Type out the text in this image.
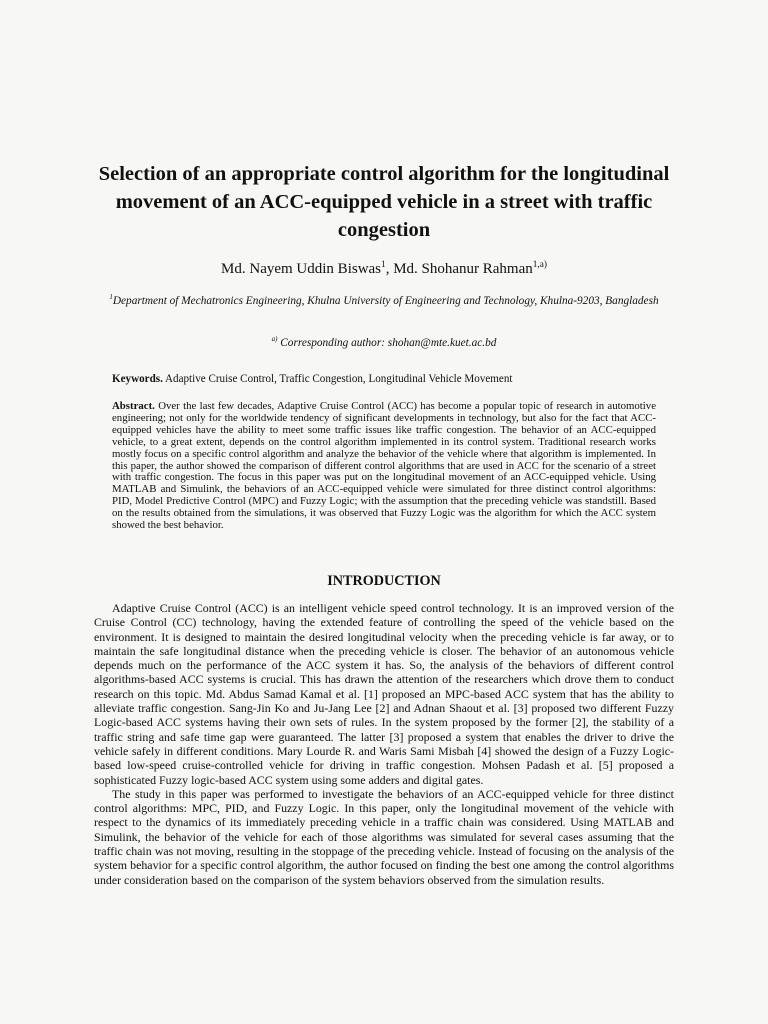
Selection of an appropriate control algorithm for the longitudinal movement of an ACC-equipped vehicle in a street with traffic congestion
Md. Nayem Uddin Biswas$^1$, Md. Shohanur Rahman$^{1,a)}$
$^1$Department of Mechatronics Engineering, Khulna University of Engineering and Technology, Khulna-9203, Bangladesh
$^{a)}$ Corresponding author: shohan@mte.kuet.ac.bd
Keywords. Adaptive Cruise Control, Traffic Congestion, Longitudinal Vehicle Movement
Abstract. Over the last few decades, Adaptive Cruise Control (ACC) has become a popular topic of research in automotive engineering; not only for the worldwide tendency of significant developments in technology, but also for the fact that ACC-equipped vehicles have the ability to meet some traffic issues like traffic congestion. The behavior of an ACC-equipped vehicle, to a great extent, depends on the control algorithm implemented in its control system. Traditional research works mostly focus on a specific control algorithm and analyze the behavior of the vehicle where that algorithm is implemented. In this paper, the author showed the comparison of different control algorithms that are used in ACC for the scenario of a street with traffic congestion. The focus in this paper was put on the longitudinal movement of an ACC-equipped vehicle. Using MATLAB and Simulink, the behaviors of an ACC-equipped vehicle were simulated for three distinct control algorithms: PID, Model Predictive Control (MPC) and Fuzzy Logic; with the assumption that the preceding vehicle was standstill. Based on the results obtained from the simulations, it was observed that Fuzzy Logic was the algorithm for which the ACC system showed the best behavior.
INTRODUCTION

Adaptive Cruise Control (ACC) is an intelligent vehicle speed control technology. It is an improved version of the Cruise Control (CC) technology, having the extended feature of controlling the speed of the vehicle based on the environment. It is designed to maintain the desired longitudinal velocity when the preceding vehicle is far away, or to maintain the safe longitudinal distance when the preceding vehicle is closer. The behavior of an autonomous vehicle depends much on the performance of the ACC system it has. So, the analysis of the behaviors of different control algorithms-based ACC systems is crucial. This has drawn the attention of the researchers which drove them to conduct research on this topic. Md. Abdus Samad Kamal et al. [1] proposed an MPC-based ACC system that has the ability to alleviate traffic congestion. Sang-Jin Ko and Ju-Jang Lee [2] and Adnan Shaout et al. [3] proposed two different Fuzzy Logic-based ACC systems having their own sets of rules. In the system proposed by the former [2], the stability of a traffic string and safe time gap were guaranteed. The latter [3] proposed a system that enables the driver to drive the vehicle safely in different conditions. Mary Lourde R. and Waris Sami Misbah [4] showed the design of a Fuzzy Logic-based low-speed cruise-controlled vehicle for driving in traffic congestion. Mohsen Padash et al. [5] proposed a sophisticated Fuzzy logic-based ACC system using some adders and digital gates.

The study in this paper was performed to investigate the behaviors of an ACC-equipped vehicle for three distinct control algorithms: MPC, PID, and Fuzzy Logic. In this paper, only the longitudinal movement of the vehicle with respect to the dynamics of its immediately preceding vehicle in a traffic chain was considered. Using MATLAB and Simulink, the behavior of the vehicle for each of those algorithms was simulated for several cases assuming that the traffic chain was not moving, resulting in the stoppage of the preceding vehicle. Instead of focusing on the analysis of the system behavior for a specific control algorithm, the author focused on finding the best one among the control algorithms under consideration based on the comparison of the system behaviors observed from the simulation results.
